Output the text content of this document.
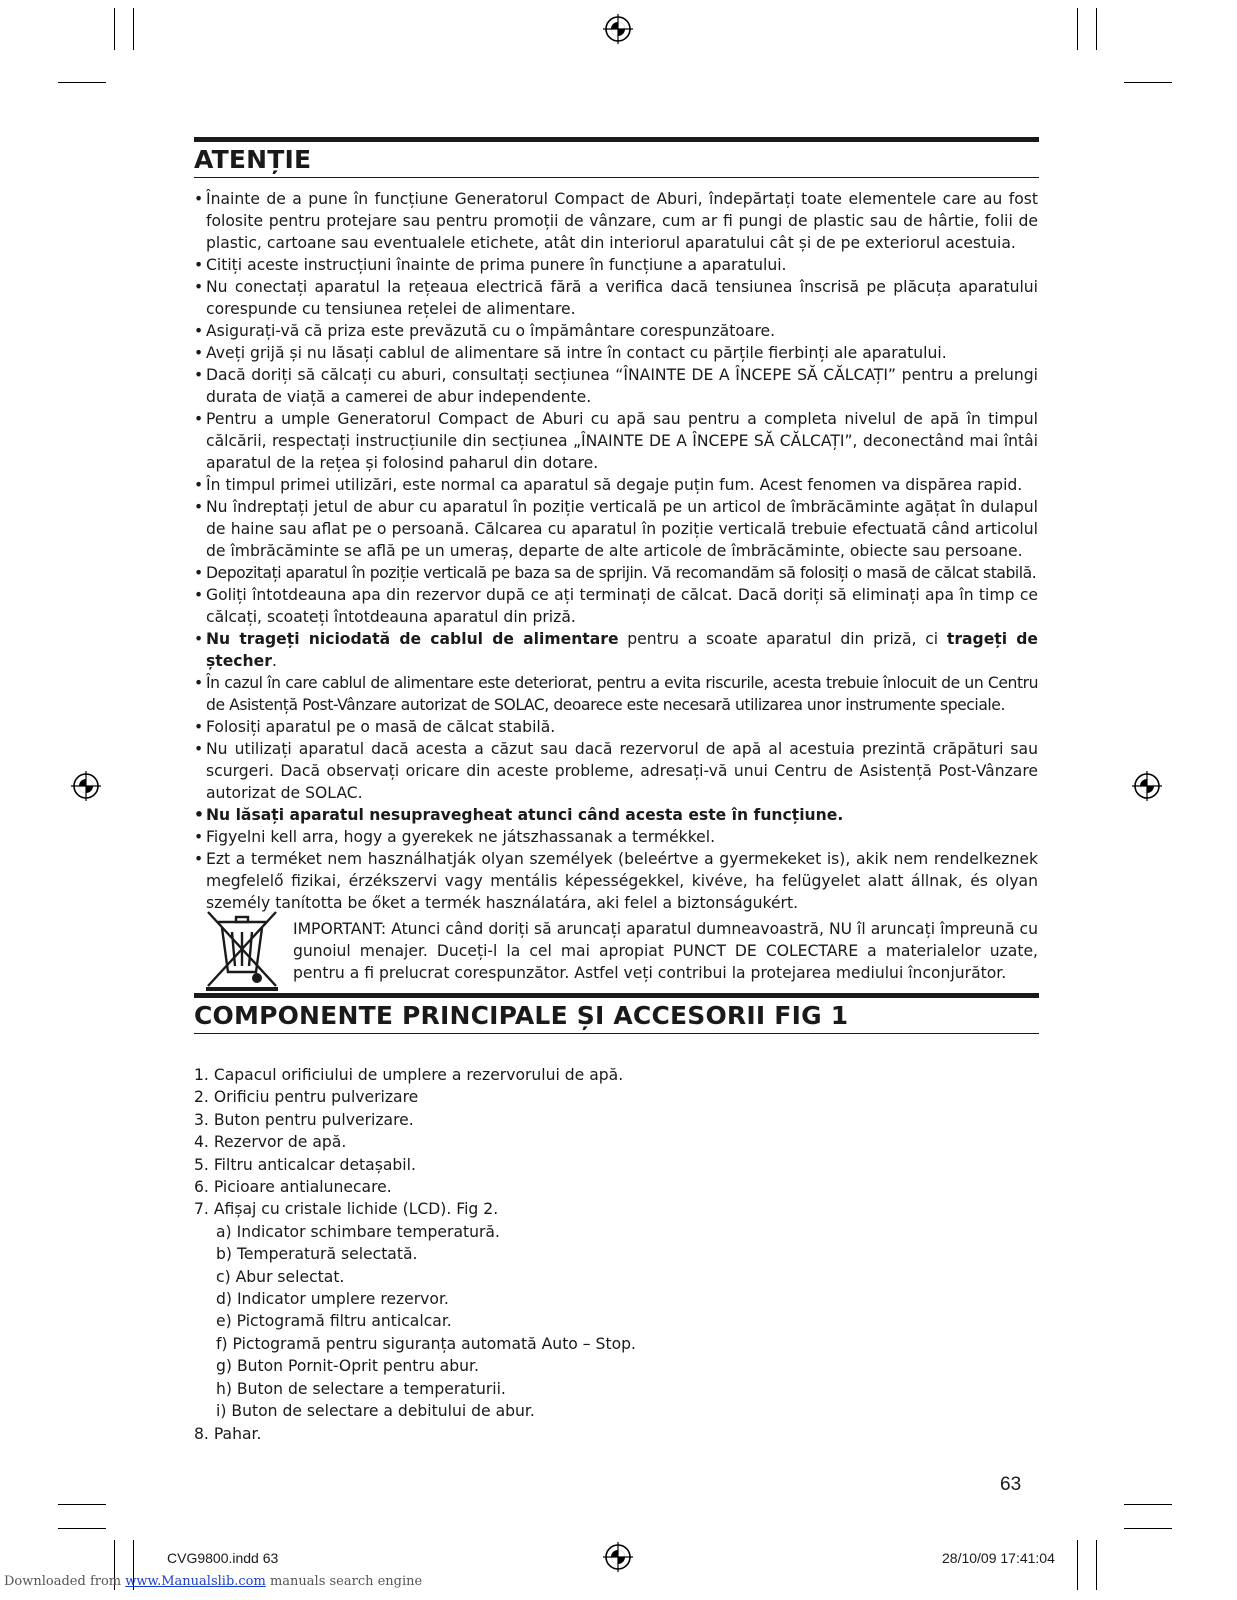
ATENȚIE
• Înainte de a pune în funcțiune Generatorul Compact de Aburi, îndepărtați toate elementele care au fost folosite pentru protejare sau pentru promoții de vânzare, cum ar fi pungi de plastic sau de hârtie, folii de plastic, cartoane sau eventualele etichete, atât din interiorul aparatului cât și de pe exteriorul acestuia.
• Citiți aceste instrucțiuni înainte de prima punere în funcțiune a aparatului.
• Nu conectați aparatul la rețeaua electrică fără a verifica dacă tensiunea înscrisă pe plăcuța aparatului corespunde cu tensiunea rețelei de alimentare.
• Asigurați-vă că priza este prevăzută cu o împământare corespunzătoare.
• Aveți grijă și nu lăsați cablul de alimentare să intre în contact cu părțile fierbinți ale aparatului.
• Dacă doriți să călcați cu aburi, consultați secțiunea “ÎNAINTE DE A ÎNCEPE SĂ CĂLCAȚI” pentru a prelungi durata de viață a camerei de abur independente.
• Pentru a umple Generatorul Compact de Aburi cu apă sau pentru a completa nivelul de apă în timpul călcării, respectați instrucțiunile din secțiunea „ÎNAINTE DE A ÎNCEPE SĂ CĂLCAȚI”, deconectând mai întâi aparatul de la rețea și folosind paharul din dotare.
• În timpul primei utilizări, este normal ca aparatul să degaje puțin fum. Acest fenomen va dispărea rapid.
• Nu îndreptați jetul de abur cu aparatul în poziție verticală pe un articol de îmbrăcăminte agățat în dulapul de haine sau aflat pe o persoană. Călcarea cu aparatul în poziție verticală trebuie efectuată când articolul de îmbrăcăminte se află pe un umeraș, departe de alte articole de îmbrăcăminte, obiecte sau persoane.
• Depozitați aparatul în poziție verticală pe baza sa de sprijin. Vă recomandăm să folosiți o masă de călcat stabilă.
• Goliți întotdeauna apa din rezervor după ce ați terminați de călcat. Dacă doriți să eliminați apa în timp ce călcați, scoateți întotdeauna aparatul din priză.
• Nu trageți niciodată de cablul de alimentare pentru a scoate aparatul din priză, ci trageți de ștecher.
• În cazul în care cablul de alimentare este deteriorat, pentru a evita riscurile, acesta trebuie înlocuit de un Centru de Asistență Post-Vânzare autorizat de SOLAC, deoarece este necesară utilizarea unor instrumente speciale.
• Folosiți aparatul pe o masă de călcat stabilă.
• Nu utilizați aparatul dacă acesta a căzut sau dacă rezervorul de apă al acestuia prezintă crăpături sau scurgeri. Dacă observați oricare din aceste probleme, adresați-vă unui Centru de Asistență Post-Vânzare autorizat de SOLAC.
• Nu lăsați aparatul nesupravegheat atunci când acesta este în funcțiune.
• Figyelni kell arra, hogy a gyerekek ne játszhassanak a termékkel.
• Ezt a terméket nem használhatják olyan személyek (beleértve a gyermekeket is), akik nem rendelkeznek megfelelő fizikai, érzékszervi vagy mentális képességekkel, kivéve, ha felügyelet alatt állnak, és olyan személy tanította be őket a termék használatára, aki felel a biztonságukért.

IMPORTANT: Atunci când doriți să aruncați aparatul dumneavoastră, NU îl aruncați împreună cu gunoiul menajer. Duceți-l la cel mai apropiat PUNCT DE COLECTARE a materialelor uzate, pentru a fi prelucrat corespunzător. Astfel veți contribui la protejarea mediului înconjurător.

COMPONENTE PRINCIPALE ȘI ACCESORII FIG 1
1. Capacul orificiului de umplere a rezervorului de apă.
2. Orificiu pentru pulverizare
3. Buton pentru pulverizare.
4. Rezervor de apă.
5. Filtru anticalcar detașabil.
6. Picioare antialunecare.
7. Afișaj cu cristale lichide (LCD). Fig 2.
a) Indicator schimbare temperatură.
b) Temperatură selectată.
c) Abur selectat.
d) Indicator umplere rezervor.
e) Pictogramă filtru anticalcar.
f) Pictogramă pentru siguranța automată Auto – Stop.
g) Buton Pornit-Oprit pentru abur.
h) Buton de selectare a temperaturii.
i) Buton de selectare a debitului de abur.
8. Pahar.
63
CVG9800.indd 63	28/10/09 17:41:04
Downloaded from www.Manualslib.com manuals search engine
